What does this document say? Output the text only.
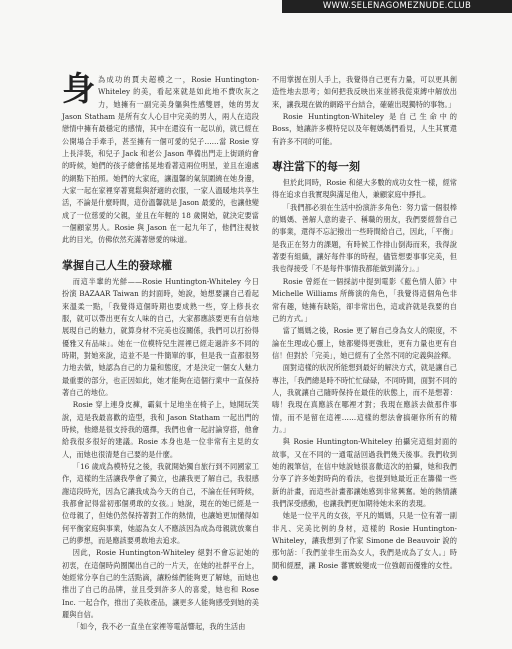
WWW.SELENAGOMEZNUDE.CLUB

身為成功的賈夫超模之一，Rosie Huntington-Whiteley 的美，看起來就是如此地不費吹灰之力，她擁有一副完美身軀與性感雙唇，她的男友 Jason Statham 是所有女人心目中完美的男人，兩人在這段戀情中擁有最穩定的感情，其中在還沒有一起以前，就已經在公開場合手牽手，甚至擁有一個可愛的兒子……當 Rosie 穿上長洋裝，和兒子 Jack 和老公 Jason 準備出門走上街頭約會的時候，她們的孩子總會搖晃地看著這兩位明星，並且在遠處的網點下拍照。她們的大家庭，讓溫馨的氣氛圍繞在她身邊，大家一起在家裡穿著寬鬆與舒適的衣服，一家人溫暖地共享生活，不論是什麼時間，這份溫馨就是 Jason 最愛的，也讓他變成了一位慈愛的父親，並且在年輕的 18 歲開始，就決定要當一個顧家男人。Rosie 與 Jason 在一起九年了，他們注視彼此的目光，仿佛依然充滿著戀愛的味道。

掌握自己人生的發球權

而這半輩的光鮮——Rosie Huntington-Whiteley 今日扮演 BAZAAR Taiwan 的封面時，她說，她想要讓自己看起來溫柔一點，「我覺得這個時期也要成熟一些，穿上修長衣服，就可以帶出更有女人味的自己，大家都應該要更有自信地展現自己的魅力，就算身材不完美也沒關係，我們可以打扮得優雅又有品味」。她在一位模特兒生涯裡已經走過許多不同的時期，對她來說，這並不是一件簡單的事，但是我一直都很努力地去做，她認為自己的力量和態度，才是決定一個女人魅力最重要的部分，也正因如此，她才能夠在這個行業中一直保持著自己的地位。

Rosie 穿上連身皮褲，霸氣十足地坐在椅子上，她開玩笑說，這是我最喜歡的造型，我和 Jason Statham 一起出門的時候，他總是很支持我的選擇，我們也會一起討論穿搭，他會給我很多很好的建議。Rosie 本身也是一位非常有主見的女人，而她也很清楚自己要的是什麼。

「16 歲成為模特兒之後，我就開始獨自旅行到不同國家工作，這樣的生活讓我學會了獨立，也讓我更了解自己，我很感謝這段時光，因為它讓我成為今天的自己，不論在任何時候，我都會記得當初那個勇敢的女孩。」她說，現在的她已經是一位母親了，但她仍然保持著對工作的熱情，也讓她更加懂得如何平衡家庭與事業，她認為女人不應該因為成為母親就放棄自己的夢想，而是應該要勇敢地去追求。

因此，Rosie Huntington-Whiteley 絕對不會忘記她的初衷，在這個時尚圈闖出自己的一片天，在她的社群平台上，她經常分享自己的生活點滴，讓粉絲們能夠更了解她，而她也推出了自己的品牌，並且受到許多人的喜愛，她也和 Rose Inc. 一起合作，推出了美妝產品，讓更多人能夠感受到她的美麗與自信。

「如今，我不必一直坐在家裡等電話響起，我的生活由

不用掌握在別人手上，我覺得自己更有力量，可以更具創造性地去思考；如何把我反映出來並將我從束縛中解放出來，讓我現在做的網路平台結合，確確出現獨特的事物。」

Rosie Huntington-Whiteley 是自己生命中的 Boss，她讓許多模特兒以及年輕媽媽們看見，人生其實還有許多不同的可能。

專注當下的每一刻

但於此同時，Rosie 和絕大多數的成功女性一樣，經常得在追求自我實現與滿足他人，兼顧家庭中掙扎。

「我們都必須在生活中扮演許多角色：努力當一個很棒的媽媽、善解人意的妻子、稱職的朋友，我們要經營自己的事業，還得不忘記撥出一些時間給自己，因此，「平衡」是我正在努力的課題，有時候工作排山倒海而來，我得說著要有組織，讓好每件事的時程，儘管想要事事完美，但我也得接受「不是每件事情我都能做到滿分」。」

Rosie 曾經在一個採訪中提到電影《藍色情人節》中 Michelle Williams 所飾演的角色，「我覺得這個角色非常有趣，她擁有缺陷，卻非常出色，這或許就是我要的自己的方式。」

當了媽媽之後，Rosie 更了解自己身為女人的限度，不論在生理或心靈上，她都變得更強壯，更有力量也更有自信！但對於「完美」，她已經有了全然不同的定義與詮釋。

面對這樣的狀況所能想到最好的解決方式，就是讓自己專注，「我們總是時不時忙忙碌碌，不同時間，面對不同的人，我就讓自己隨時保持在最佳的狀態上，而不是想著：嗨！我現在真應該在哪裡才對；我現在應該去做那件事情，而不是留在這裡……這樣的想法會搞砸你所有的精力。」

與 Rosie Huntington-Whiteley 拍攝完這組封面的故事，又在不同的一通電話回過我們幾天後事。我們收到她的親筆信，在信中她說她很喜歡這次的拍攝，她和我們分享了許多她對時尚的看法，也提到她最近正在籌備一些新的計畫，而這些計畫都讓她感到非常興奮。她的熱情讓我們深受感動，也讓我們更加期待她未來的表現。

她是一位平凡的女孩，平凡的媽媽，只是一位有著一副非凡、完美比例的身材，這樣的 Rosie Huntington-Whiteley，讓我想到了作家 Simone de Beauvoir 說的那句話：「我們並非生而為女人，我們是成為了女人。」時間和經歷，讓 Rosie 蕃實蛻變成一位強韌而優雅的女性。●
